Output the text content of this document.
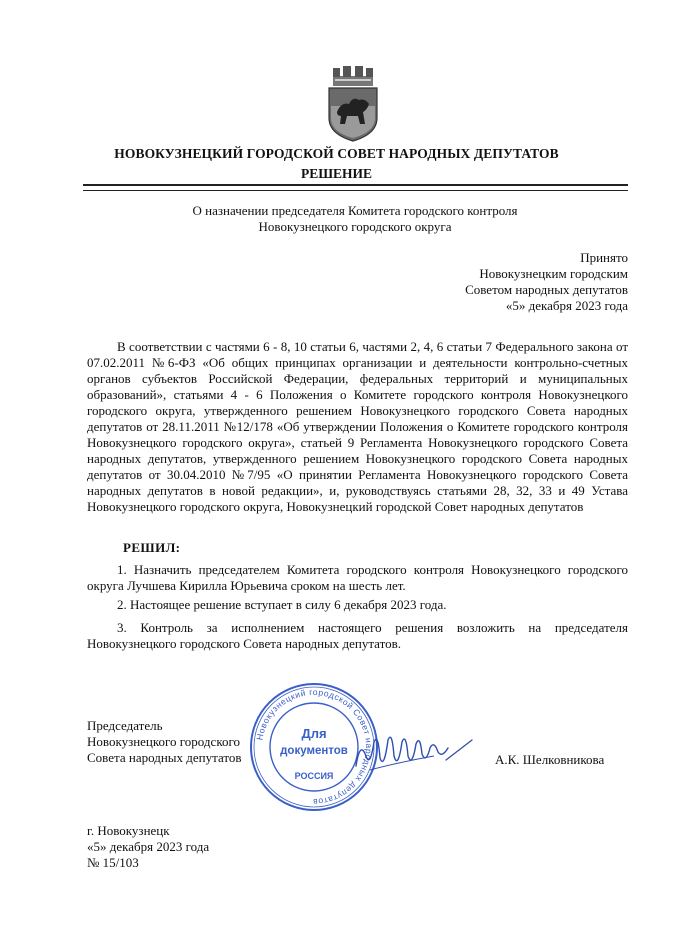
НОВОКУЗНЕЦКИЙ ГОРОДСКОЙ СОВЕТ НАРОДНЫХ ДЕПУТАТОВ
РЕШЕНИЕ
О назначении председателя Комитета городского контроля
Новокузнецкого городского округа
Принято
Новокузнецким городским
Советом народных депутатов
«5» декабря 2023 года

В соответствии с частями 6 - 8, 10 статьи 6, частями 2, 4, 6 статьи 7 Федерального закона от 07.02.2011 №6-ФЗ «Об общих принципах организации и деятельности контрольно-счетных органов субъектов Российской Федерации, федеральных территорий и муниципальных образований», статьями 4 - 6 Положения о Комитете городского контроля Новокузнецкого городского округа, утвержденного решением Новокузнецкого городского Совета народных депутатов от 28.11.2011 №12/178 «Об утверждении Положения о Комитете городского контроля Новокузнецкого городского округа», статьей 9 Регламента Новокузнецкого городского Совета народных депутатов, утвержденного решением Новокузнецкого городского Совета народных депутатов от 30.04.2010 №7/95 «О принятии Регламента Новокузнецкого городского Совета народных депутатов в новой редакции», и, руководствуясь статьями 28, 32, 33 и 49 Устава Новокузнецкого городского округа, Новокузнецкий городской Совет народных депутатов

РЕШИЛ:

1. Назначить председателем Комитета городского контроля Новокузнецкого городского округа Лучшева Кирилла Юрьевича сроком на шесть лет.

2. Настоящее решение вступает в силу 6 декабря 2023 года.

3. Контроль за исполнением настоящего решения возложить на председателя Новокузнецкого городского Совета народных депутатов.

Председатель
Новокузнецкого городского
Совета народных депутатов
Новокузнецкий городской Совет народных депутатов
Для
документов
РОССИЯ
А.К. Шелковникова
г. Новокузнецк
«5» декабря 2023 года
№ 15/103
